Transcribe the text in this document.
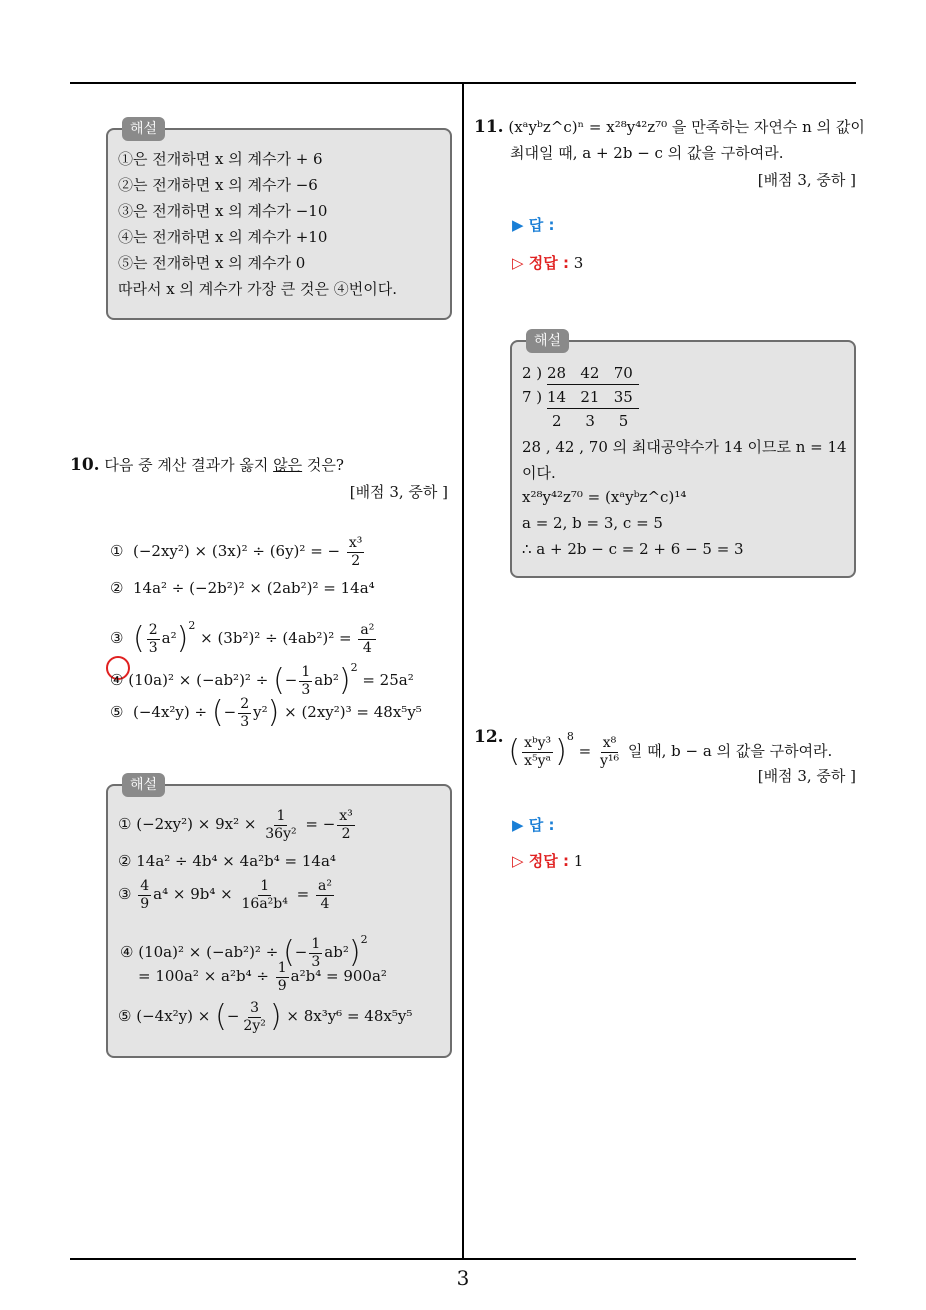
해설
①은 전개하면 x 의 계수가 + 6
②는 전개하면 x 의 계수가 −6
③은 전개하면 x 의 계수가 −10
④는 전개하면 x 의 계수가 +10
⑤는 전개하면 x 의 계수가 0
따라서 x 의 계수가 가장 큰 것은 ④번이다.
10. 다음 중 계산 결과가 옳지 않은 것은?
[배점 3, 중하 ]
① (−2xy²) × (3x)² ÷ (6y)² = − $\frac{\text{x³}}{2}$
② 14a² ÷ (−2b²)² × (2ab²)² = 14a⁴
③ ( $\frac{2}{3} a^2)^2 \times (3b^2)^2 \div (4ab^2)^2 = \frac{\text{a²}}{4}$
④ (10a)² × (−ab²)² ÷ (− $\frac{1}{3} ab^2)^2 = 25a^2$
⑤ (−4x²y) ÷ (− $\frac{2}{3} y^2) \times (2xy^2)^3 = 48x^5y^5$
해설
① $(-2xy^2) \times 9x^2 \times \frac{1}{\text{36y²}}$ = − $\frac{\text{x³}}{2}$
② 14a² ÷ 4b⁴ × 4a²b⁴ = 14a⁴
③ $\frac{4}{9} a^4 \times 9b^4 \times \frac{1}{\text{16a²b⁴}} = \frac{\text{a²}}{4}$
④ (10a)² × (−ab²)² ÷ (− $\frac{1}{3} ab^2)^2$
= $100a^2 \times a^2b^4 \div \frac{1}{9} a^2b^4 = 900a^2$
⑤ (−4x²y) × (− $\frac{3}{\text{2y²}}$ ) × 8x³y⁶ = 48x⁵y⁵
11. (xᵃyᵇz^c)ⁿ = x²⁸y⁴²z⁷⁰ 을 만족하는 자연수 n 의 값이
최대일 때, a + 2b − c 의 값을 구하여라.
[배점 3, 중하 ]
▶ 답 :
▷ 정답 : 3
해설
2 ) 28   42   70
7 ) 14   21   35
2     3     5
28 , 42 , 70 의 최대공약수가 14 이므로 n = 14
이다.
x²⁸y⁴²z⁷⁰ = (xᵃyᵇz^c)¹⁴
a = 2, b = 3, c = 5
∴ a + 2b − c = 2 + 6 − 5 = 3
12. ( $\frac{\text{xᵇy³}}{\text{x⁵yᵃ}} )^8 = \frac{\text{x⁸}}{\text{y¹⁶}}$ 일 때, b − a 의 값을 구하여라.
[배점 3, 중하 ]
▶ 답 :
▷ 정답 : 1
3
